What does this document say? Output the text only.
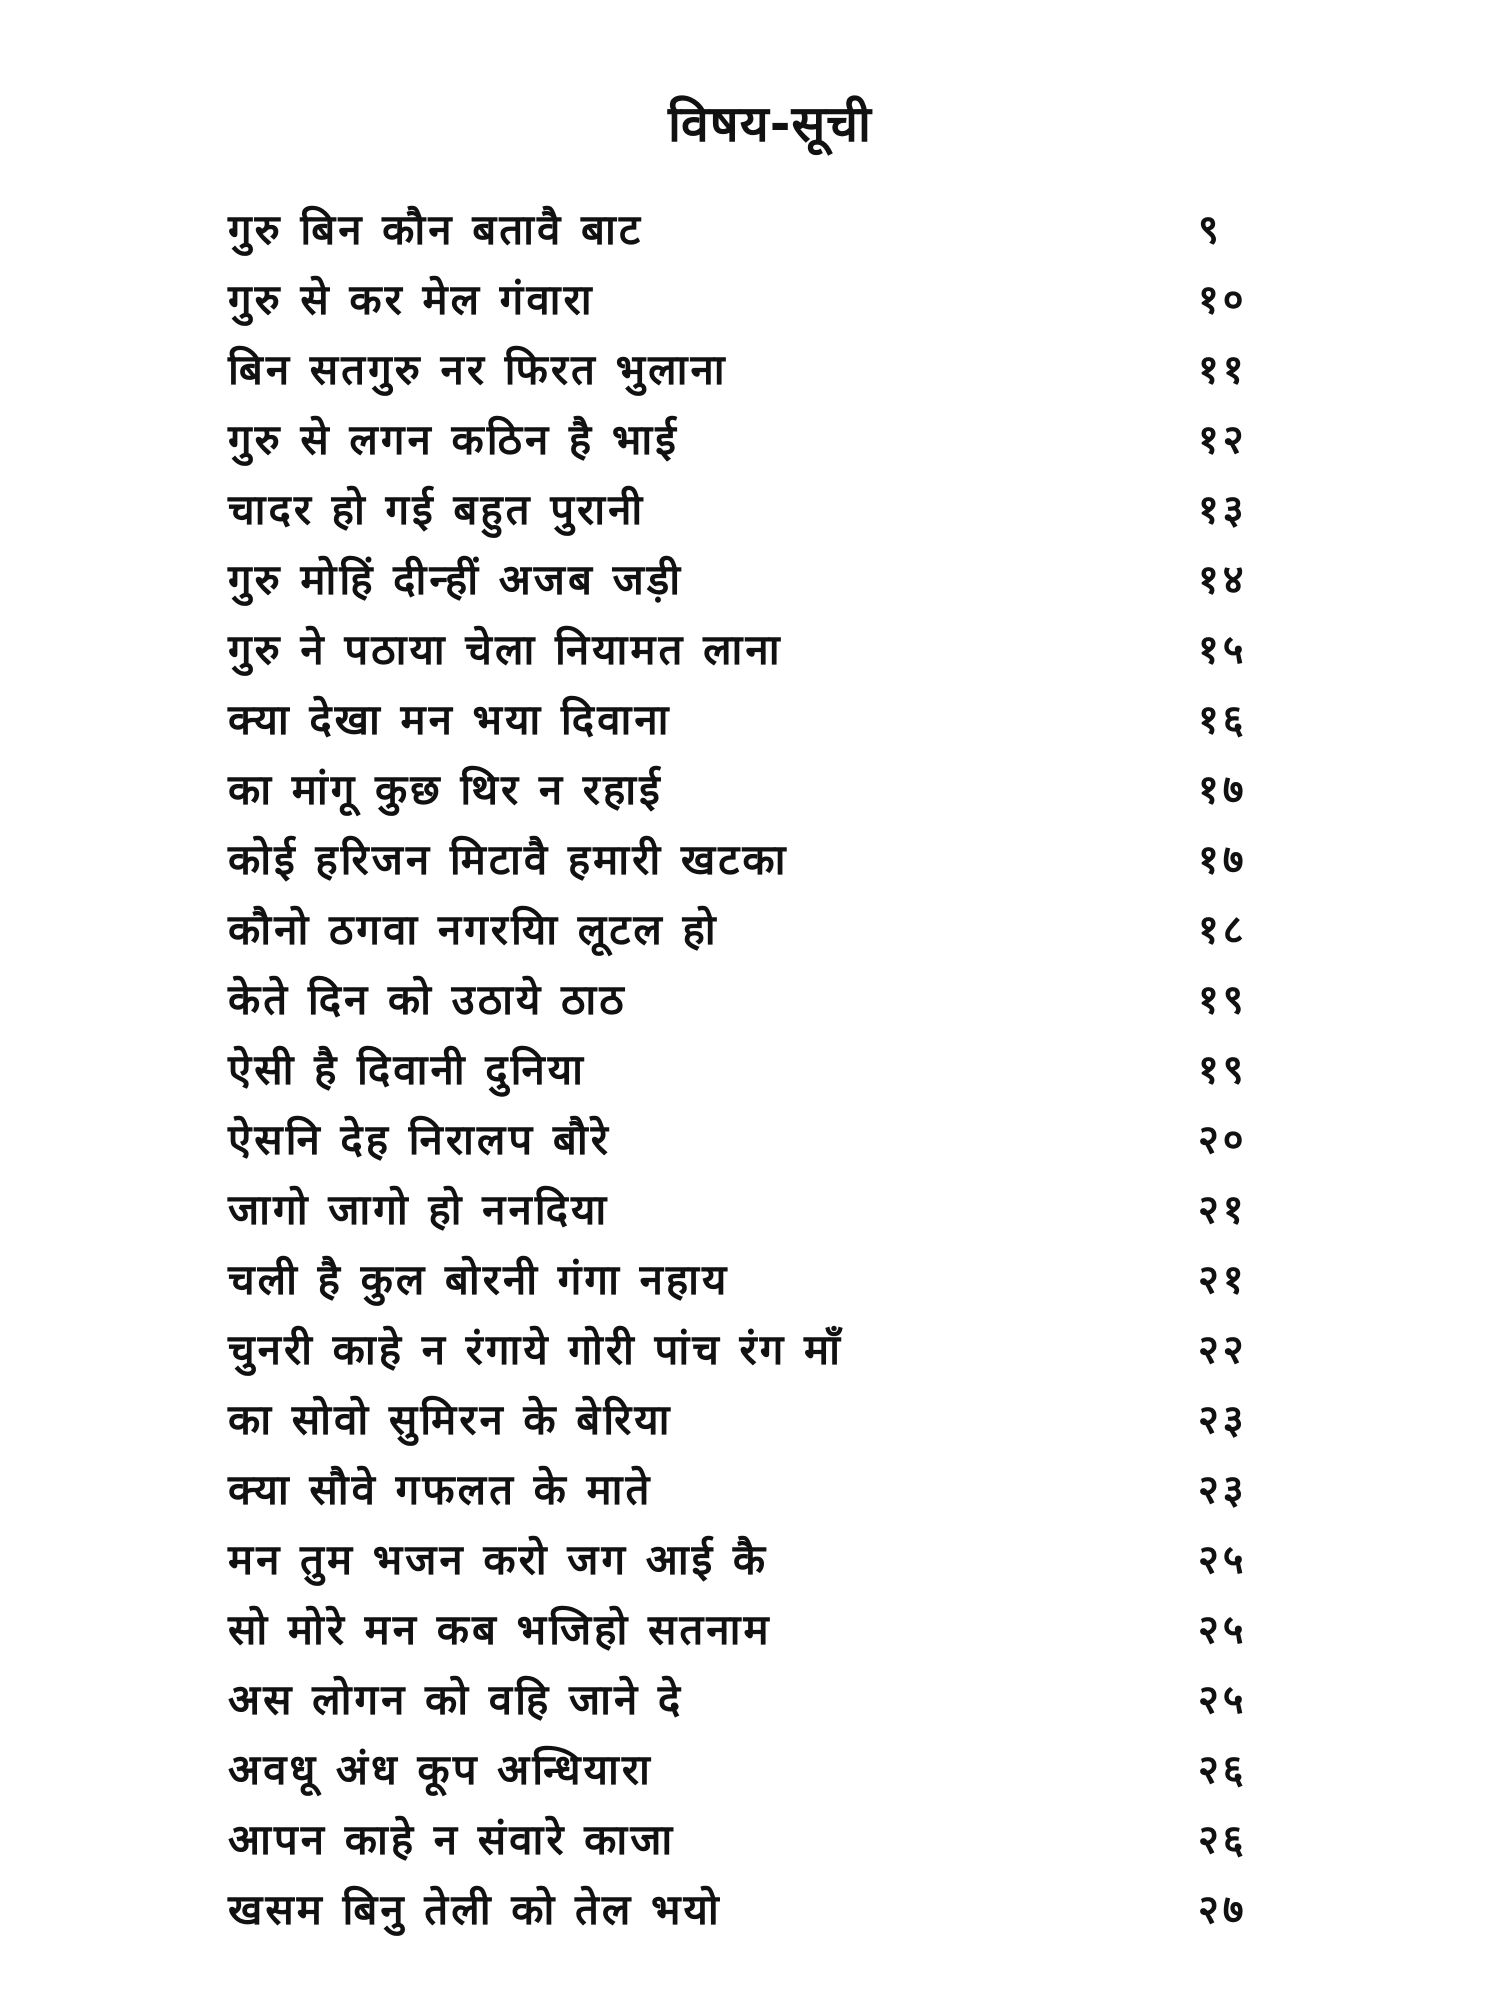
विषय-सूची
गुरु बिन कौन बतावै बाट	९
गुरु से कर मेल गंवारा	१०
बिन सतगुरु नर फिरत भुलाना	११
गुरु से लगन कठिन है भाई	१२
चादर हो गई बहुत पुरानी	१३
गुरु मोहिं दीन्हीं अजब जड़ी	१४
गुरु ने पठाया चेला नियामत लाना	१५
क्या देखा मन भया दिवाना	१६
का मांगू कुछ थिर न रहाई	१७
कोई हरिजन मिटावै हमारी खटका	१७
कौनो ठगवा नगरयिा लूटल हो	१८
केते दिन को उठाये ठाठ	१९
ऐसी है दिवानी दुनिया	१९
ऐसनि देह निरालप बौरे	२०
जागो जागो हो ननदिया	२१
चली है कुल बोरनी गंगा नहाय	२१
चुनरी काहे न रंगाये गोरी पांच रंग माँ	२२
का सोवो सुमिरन के बेरिया	२३
क्या सौवे गफलत के माते	२३
मन तुम भजन करो जग आई कै	२५
सो मोरे मन कब भजिहो सतनाम	२५
अस लोगन को वहि जाने दे	२५
अवधू अंध कूप अन्धियारा	२६
आपन काहे न संवारे काजा	२६
खसम बिनु तेली को तेल भयो	२७
